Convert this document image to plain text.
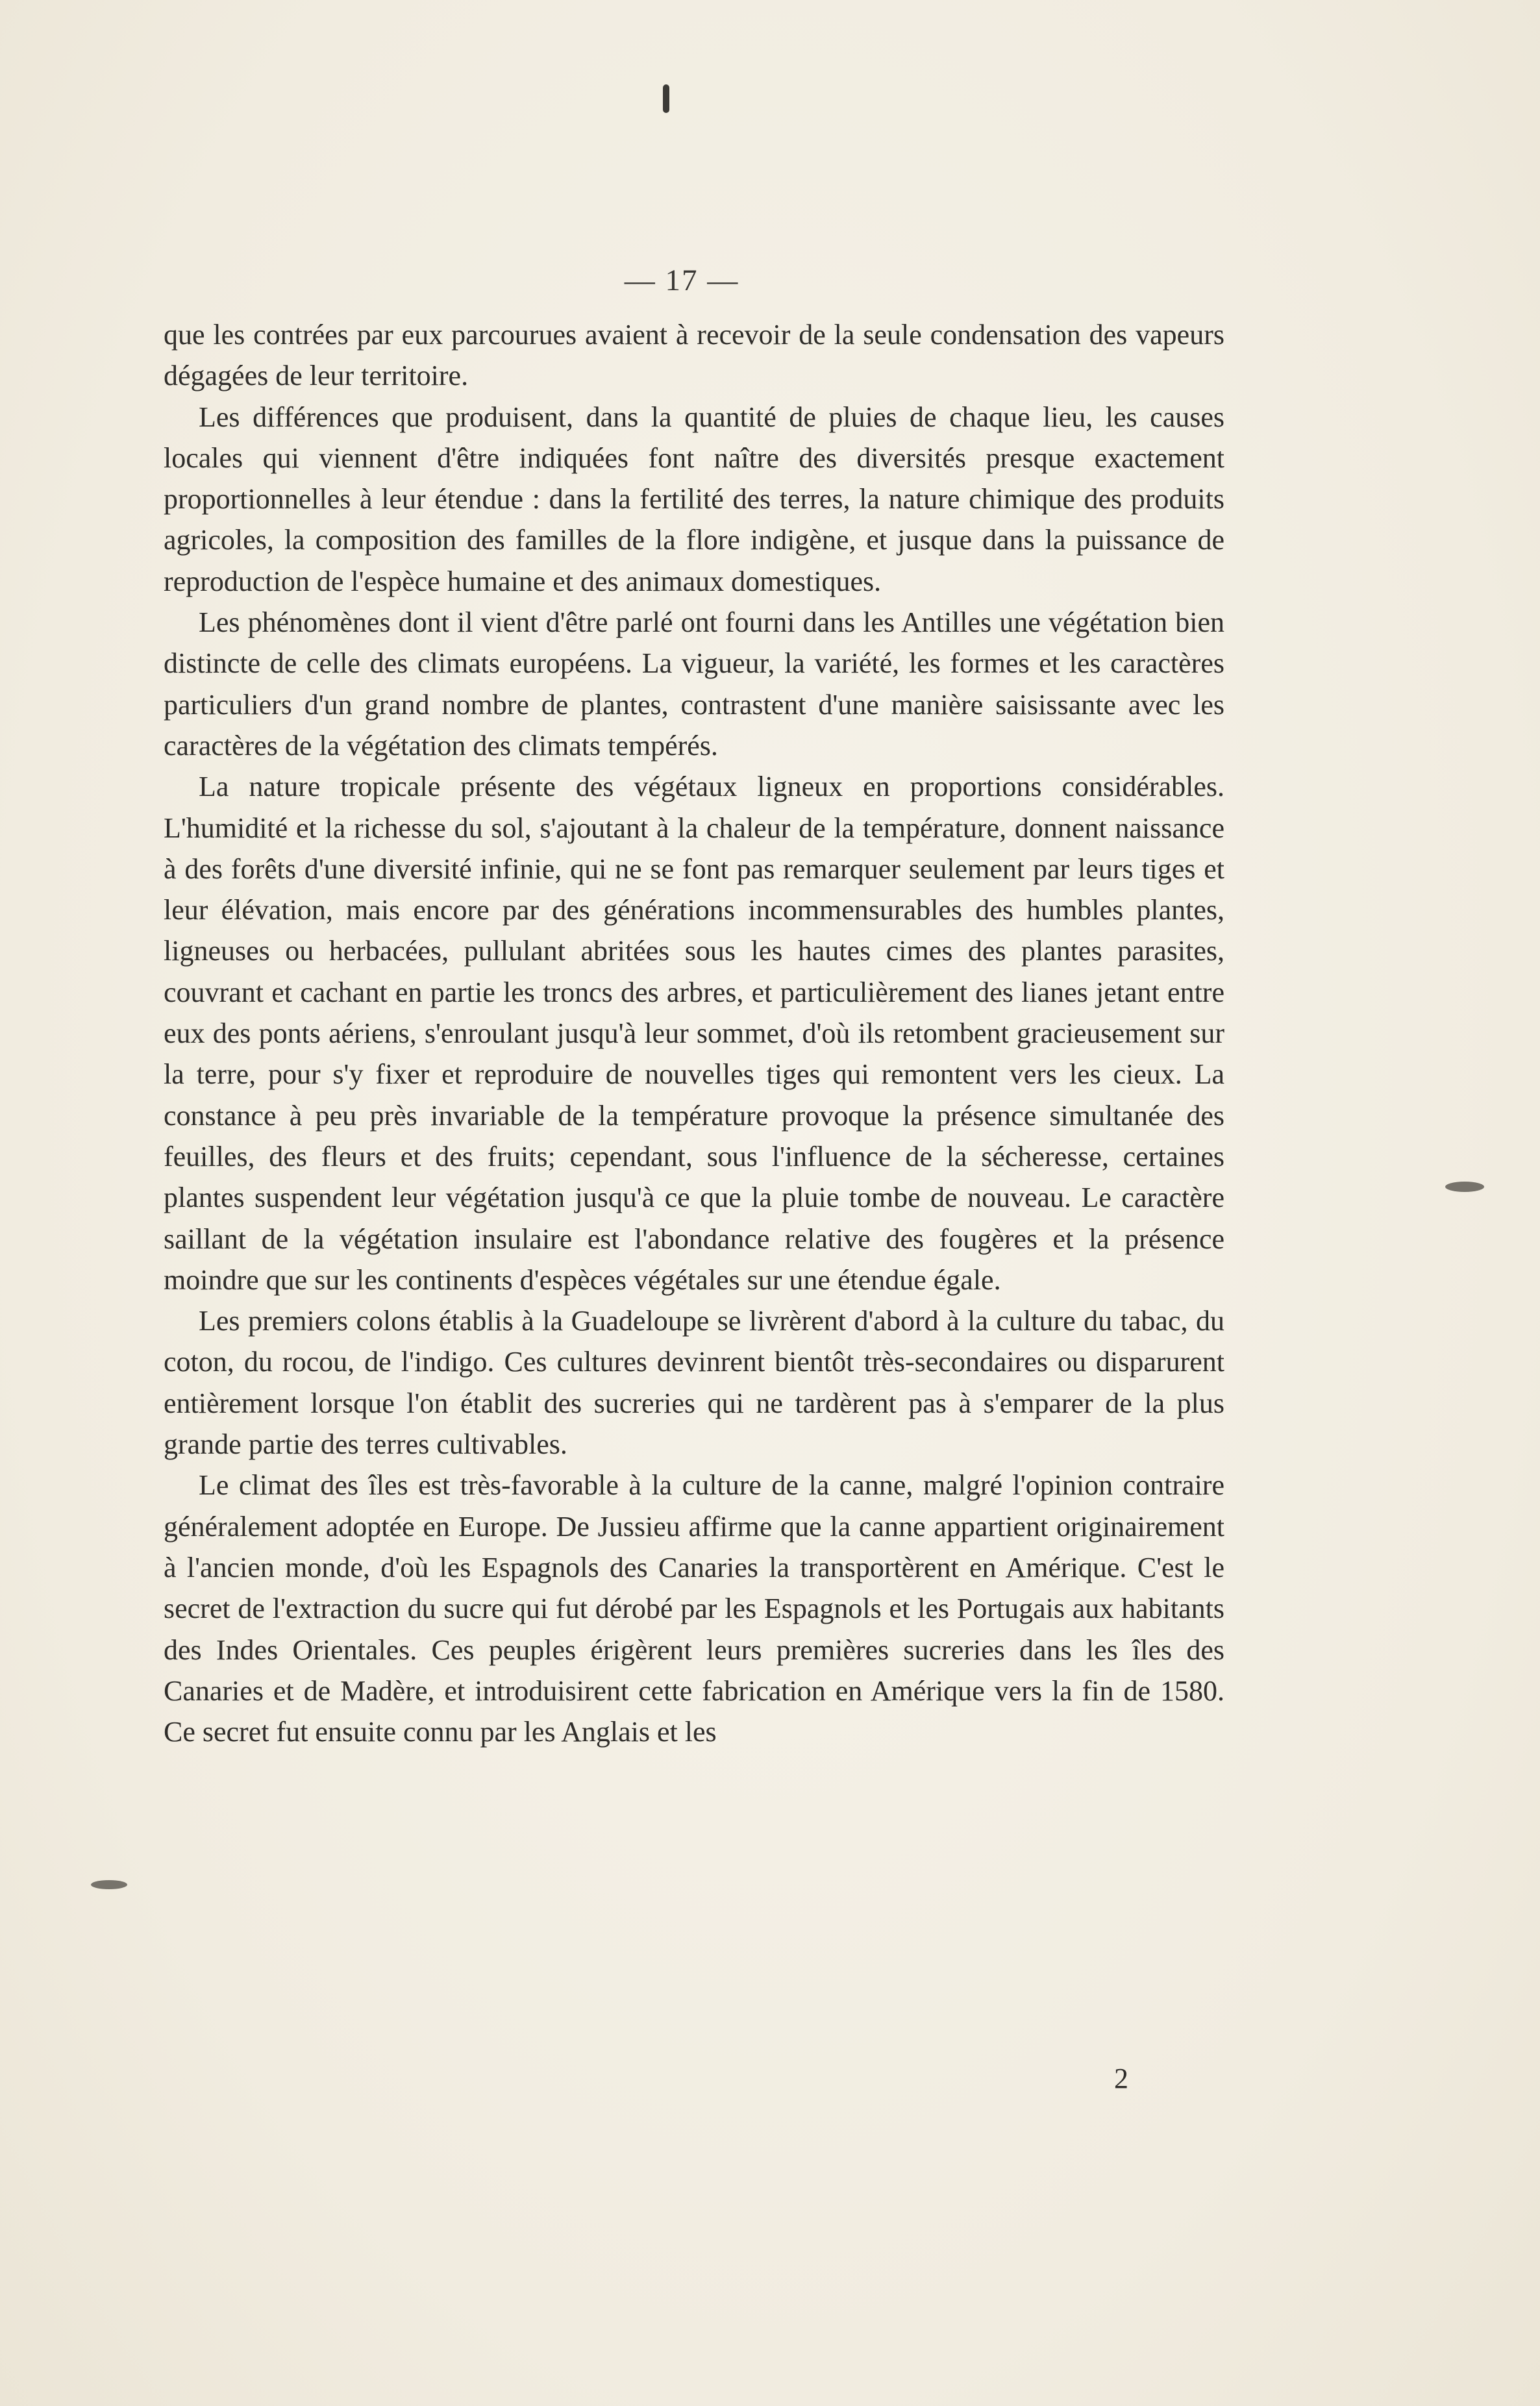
— 17 —

que les contrées par eux parcourues avaient à recevoir de la seule condensation des vapeurs dégagées de leur territoire.

Les différences que produisent, dans la quantité de pluies de chaque lieu, les causes locales qui viennent d'être indiquées font naître des diversités presque exactement proportionnelles à leur étendue : dans la fertilité des terres, la nature chimique des produits agricoles, la composition des familles de la flore indigène, et jusque dans la puissance de reproduction de l'espèce humaine et des animaux domestiques.

Les phénomènes dont il vient d'être parlé ont fourni dans les Antilles une végétation bien distincte de celle des climats européens. La vigueur, la variété, les formes et les caractères particuliers d'un grand nombre de plantes, contrastent d'une manière saisissante avec les caractères de la végétation des climats tempérés.

La nature tropicale présente des végétaux ligneux en proportions considérables. L'humidité et la richesse du sol, s'ajoutant à la chaleur de la température, donnent naissance à des forêts d'une diversité infinie, qui ne se font pas remarquer seulement par leurs tiges et leur élévation, mais encore par des générations incommensurables des humbles plantes, ligneuses ou herbacées, pullulant abritées sous les hautes cimes des plantes parasites, couvrant et cachant en partie les troncs des arbres, et particulièrement des lianes jetant entre eux des ponts aériens, s'enroulant jusqu'à leur sommet, d'où ils retombent gracieusement sur la terre, pour s'y fixer et reproduire de nouvelles tiges qui remontent vers les cieux. La constance à peu près invariable de la température provoque la présence simultanée des feuilles, des fleurs et des fruits; cependant, sous l'influence de la sécheresse, certaines plantes suspendent leur végétation jusqu'à ce que la pluie tombe de nouveau. Le caractère saillant de la végétation insulaire est l'abondance relative des fougères et la présence moindre que sur les continents d'espèces végétales sur une étendue égale.

Les premiers colons établis à la Guadeloupe se livrèrent d'abord à la culture du tabac, du coton, du rocou, de l'indigo. Ces cultures devinrent bientôt très-secondaires ou disparurent entièrement lorsque l'on établit des sucreries qui ne tardèrent pas à s'emparer de la plus grande partie des terres cultivables.

Le climat des îles est très-favorable à la culture de la canne, malgré l'opinion contraire généralement adoptée en Europe. De Jussieu affirme que la canne appartient originairement à l'ancien monde, d'où les Espagnols des Canaries la transportèrent en Amérique. C'est le secret de l'extraction du sucre qui fut dérobé par les Espagnols et les Portugais aux habitants des Indes Orientales. Ces peuples érigèrent leurs premières sucreries dans les îles des Canaries et de Madère, et introduisirent cette fabrication en Amérique vers la fin de 1580. Ce secret fut ensuite connu par les Anglais et les

2
